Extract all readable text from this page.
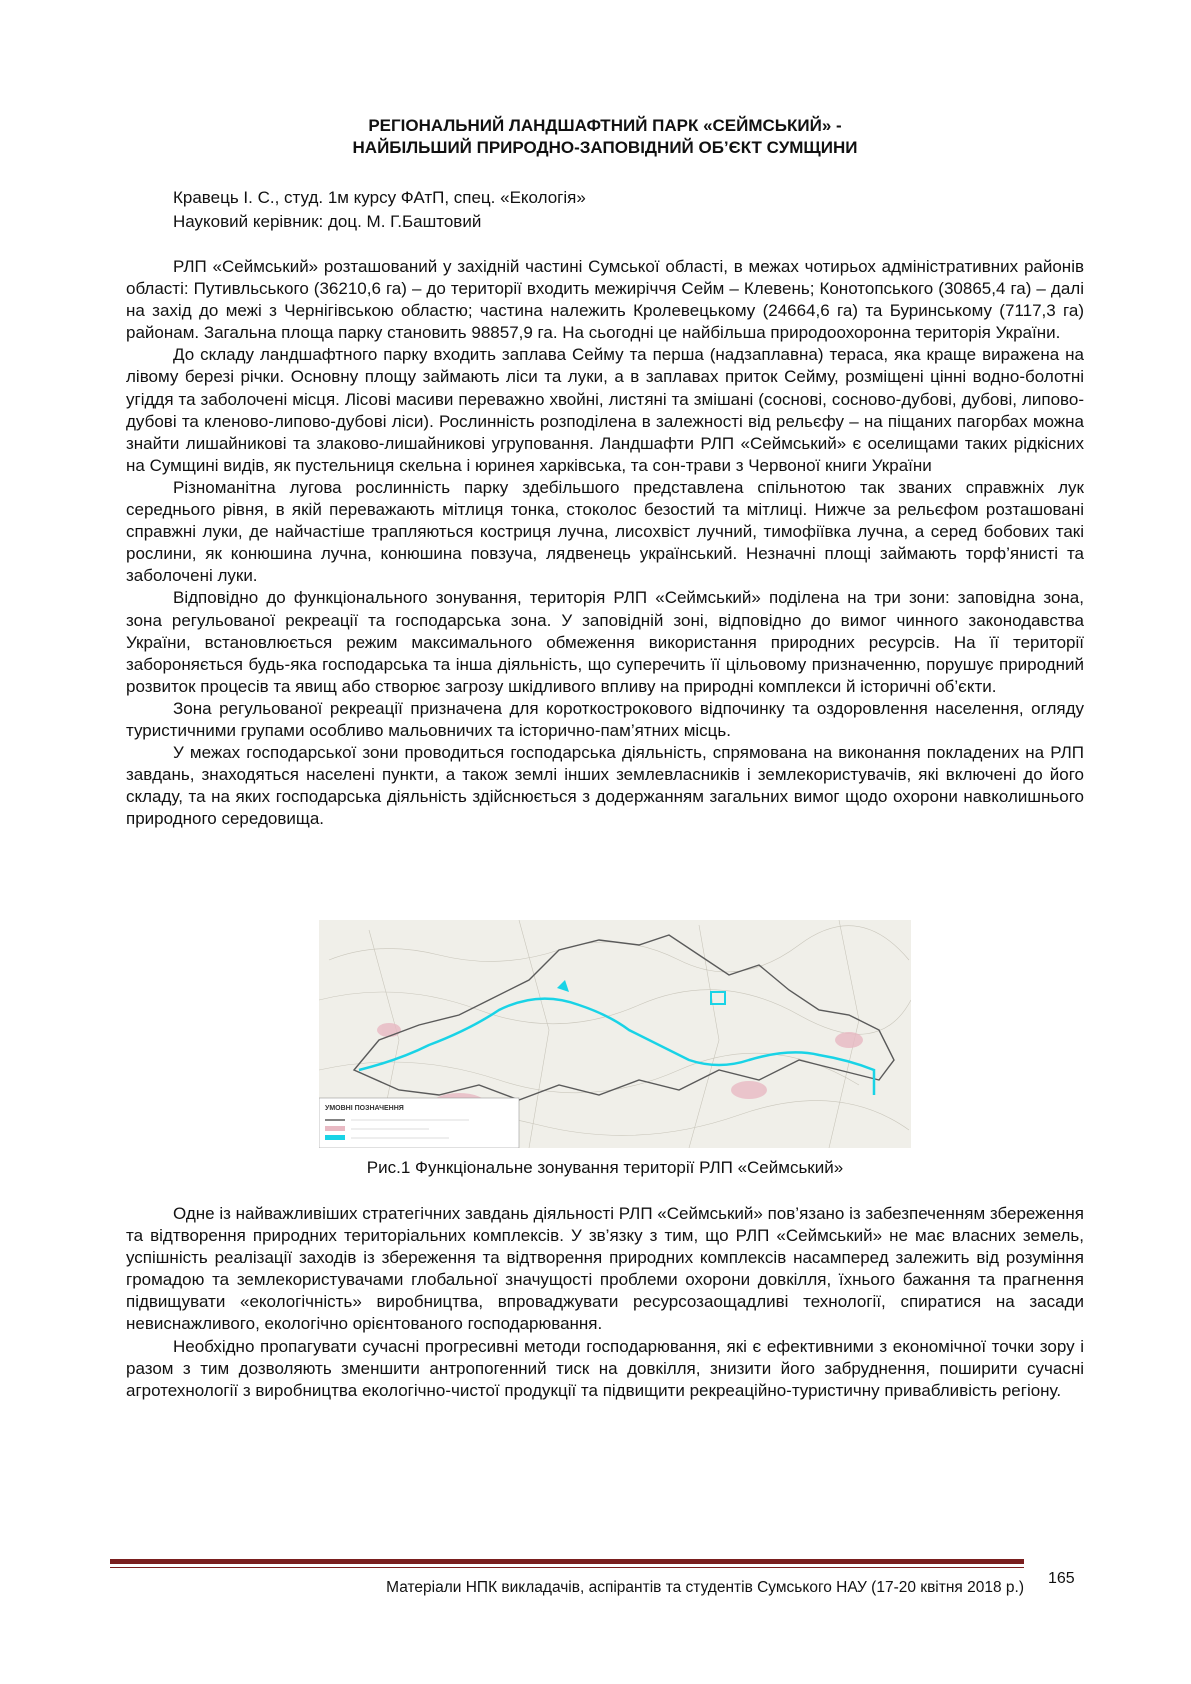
РЕГІОНАЛЬНИЙ ЛАНДШАФТНИЙ ПАРК «СЕЙМСЬКИЙ» -
НАЙБІЛЬШИЙ ПРИРОДНО-ЗАПОВІДНИЙ ОБ’ЄКТ СУМЩИНИ
Кравець І. С., студ. 1м курсу ФАтП, спец. «Екологія»
Науковий керівник: доц. М. Г.Баштовий

РЛП «Сеймський» розташований у західній частині Сумської області, в межах чотирьох адміністративних районів області: Путивльського (36210,6 га) – до території входить межиріччя Сейм – Клевень; Конотопського (30865,4 га) – далі на захід до межі з Чернігівською областю; частина належить Кролевецькому (24664,6 га) та Буринському (7117,3 га) районам. Загальна площа парку становить 98857,9 га. На сьогодні це найбільша природоохоронна територія України.

До складу ландшафтного парку входить заплава Сейму та перша (надзаплавна) тераса, яка краще виражена на лівому березі річки. Основну площу займають ліси та луки, а в заплавах приток Сейму, розміщені цінні водно-болотні угіддя та заболочені місця. Лісові масиви переважно хвойні, листяні та змішані (соснові, сосново-дубові, дубові, липово-дубові та кленово-липово-дубові ліси). Рослинність розподілена в залежності від рельєфу – на піщаних пагорбах можна знайти лишайникові та злаково-лишайникові угруповання. Ландшафти РЛП «Сеймський» є оселищами таких рідкісних на Сумщині видів, як пустельниця скельна і юринея харківська, та сон-трави з Червоної книги України

Різноманітна лугова рослинність парку здебільшого представлена спільнотою так званих справжніх лук середнього рівня, в якій переважають мітлиця тонка, стоколос безостий та мітлиці. Нижче за рельєфом розташовані справжні луки, де найчастіше трапляються костриця лучна, лисохвіст лучний, тимофіївка лучна, а серед бобових такі рослини, як конюшина лучна, конюшина повзуча, лядвенець український. Незначні площі займають торф’янисті та заболочені луки.

Відповідно до функціонального зонування, територія РЛП «Сеймський» поділена на три зони: заповідна зона, зона регульованої рекреації та господарська зона. У заповідній зоні, відповідно до вимог чинного законодавства України, встановлюється режим максимального обмеження використання природних ресурсів. На її території забороняється будь-яка господарська та інша діяльність, що суперечить її цільовому призначенню, порушує природний розвиток процесів та явищ або створює загрозу шкідливого впливу на природні комплекси й історичні об’єкти.

Зона регульованої рекреації призначена для короткострокового відпочинку та оздоровлення населення, огляду туристичними групами особливо мальовничих та історично-пам’ятних місць.

У межах господарської зони проводиться господарська діяльність, спрямована на виконання покладених на РЛП завдань, знаходяться населені пункти, а також землі інших землевласників і землекористувачів, які включені до його складу, та на яких господарська діяльність здійснюється з додержанням загальних вимог щодо охорони навколишнього природного середовища.

УМОВНІ ПОЗНАЧЕННЯ
Рис.1 Функціональне зонування території РЛП «Сеймський»

Одне із найважливіших стратегічних завдань діяльності РЛП «Сеймський» пов’язано із забезпеченням збереження та відтворення природних територіальних комплексів. У зв’язку з тим, що РЛП «Сеймський» не має власних земель, успішність реалізації заходів із збереження та відтворення природних комплексів насамперед залежить від розуміння громадою та землекористувачами глобальної значущості проблеми охорони довкілля, їхнього бажання та прагнення підвищувати «екологічність» виробництва, впроваджувати ресурсозаощадливі технології, спиратися на засади невиснажливого, екологічно орієнтованого господарювання.

Необхідно пропагувати сучасні прогресивні методи господарювання, які є ефективними з економічної точки зору і разом з тим дозволяють зменшити антропогенний тиск на довкілля, знизити його забруднення, поширити сучасні агротехнології з виробництва екологічно-чистої продукції та підвищити рекреаційно-туристичну привабливість регіону.

Матеріали НПК викладачів, аспірантів та студентів Сумського НАУ (17-20 квітня 2018 р.)
165
